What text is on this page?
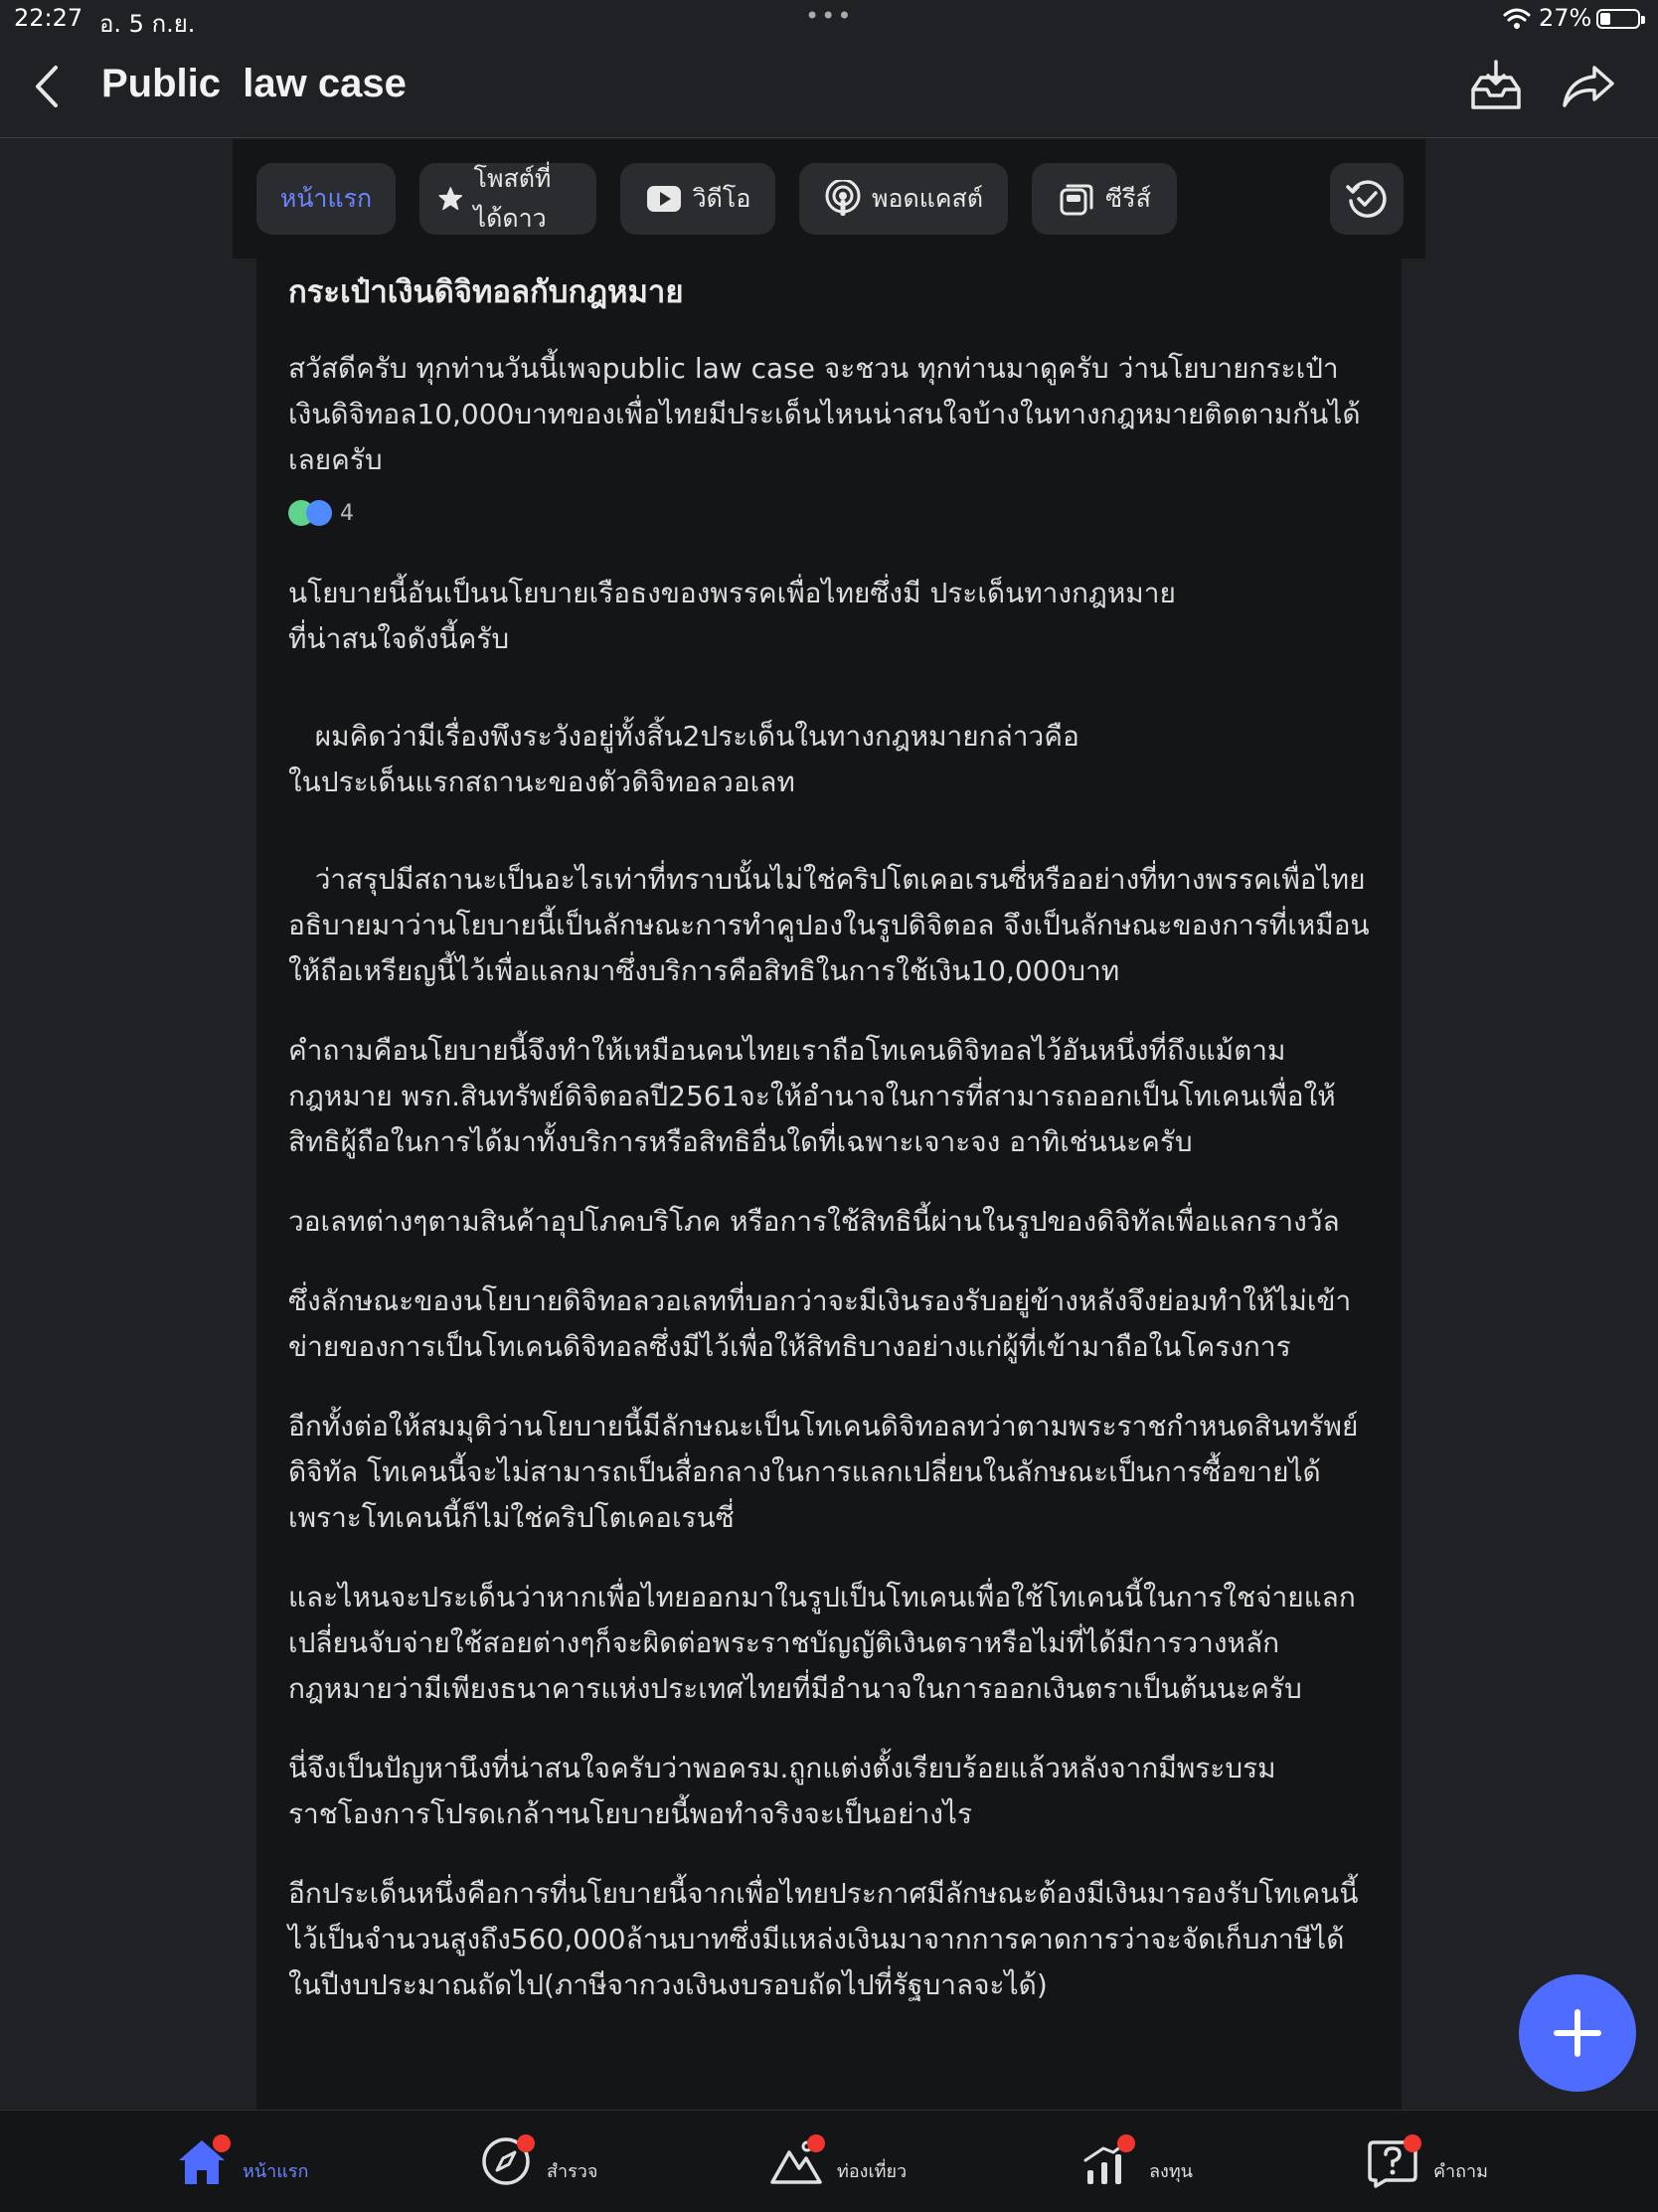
22:27 อ. 5 ก.ย.	•••	27%
Public  law case
หน้าแรก
โพสต์ที่ได้ดาว
วิดีโอ	พอดแคสต์	ซีรีส์
กระเป๋าเงินดิจิทอลกับกฎหมาย

สวัสดีครับ ทุกท่านวันนี้เพจpublic law case จะชวน ทุกท่านมาดูครับ ว่านโยบายกระเป๋าเงินดิจิทอล10,000บาทของเพื่อไทยมีประเด็นไหนน่าสนใจบ้างในทางกฎหมายติดตามกันได้เลยครับ

4

นโยบายนี้อันเป็นนโยบายเรือธงของพรรคเพื่อไทยซึ่งมี ประเด็นทางกฎหมาย
ที่น่าสนใจดังนี้ครับ

ผมคิดว่ามีเรื่องพึงระวังอยู่ทั้งสิ้น2ประเด็นในทางกฎหมายกล่าวคือ
ในประเด็นแรกสถานะของตัวดิจิทอลวอเลท

ว่าสรุปมีสถานะเป็นอะไรเท่าที่ทราบนั้นไม่ใช่คริปโตเคอเรนซี่หรืออย่างที่ทางพรรคเพื่อไทยอธิบายมาว่านโยบายนี้เป็นลักษณะการทำคูปองในรูปดิจิตอล จึงเป็นลักษณะของการที่เหมือนให้ถือเหรียญนี้ไว้เพื่อแลกมาซึ่งบริการคือสิทธิในการใช้เงิน10,000บาท

คำถามคือนโยบายนี้จึงทำให้เหมือนคนไทยเราถือโทเคนดิจิทอลไว้อันหนึ่งที่ถึงแม้ตามกฎหมาย พรก.สินทรัพย์ดิจิตอลปี2561จะให้อำนาจในการที่สามารถออกเป็นโทเคนเพื่อให้สิทธิผู้ถือในการได้มาทั้งบริการหรือสิทธิอื่นใดที่เฉพาะเจาะจง อาทิเช่นนะครับ

วอเลทต่างๆตามสินค้าอุปโภคบริโภค หรือการใช้สิทธินี้ผ่านในรูปของดิจิทัลเพื่อแลกรางวัล

ซึ่งลักษณะของนโยบายดิจิทอลวอเลทที่บอกว่าจะมีเงินรองรับอยู่ข้างหลังจึงย่อมทำให้ไม่เข้าข่ายของการเป็นโทเคนดิจิทอลซึ่งมีไว้เพื่อให้สิทธิบางอย่างแก่ผู้ที่เข้ามาถือในโครงการ

อีกทั้งต่อให้สมมุติว่านโยบายนี้มีลักษณะเป็นโทเคนดิจิทอลทว่าตามพระราชกำหนดสินทรัพย์ดิจิทัล โทเคนนี้จะไม่สามารถเป็นสื่อกลางในการแลกเปลี่ยนในลักษณะเป็นการซื้อขายได้เพราะโทเคนนี้ก็ไม่ใช่คริปโตเคอเรนซี่

และไหนจะประเด็นว่าหากเพื่อไทยออกมาในรูปเป็นโทเคนเพื่อใช้โทเคนนี้ในการใชจ่ายแลกเปลี่ยนจับจ่ายใช้สอยต่างๆก็จะผิดต่อพระราชบัญญัติเงินตราหรือไม่ที่ได้มีการวางหลักกฎหมายว่ามีเพียงธนาคารแห่งประเทศไทยที่มีอำนาจในการออกเงินตราเป็นต้นนะครับ

นี่จึงเป็นปัญหานึงที่น่าสนใจครับว่าพอครม.ถูกแต่งตั้งเรียบร้อยแล้วหลังจากมีพระบรมราชโองการโปรดเกล้าฯนโยบายนี้พอทำจริงจะเป็นอย่างไร

อีกประเด็นหนึ่งคือการที่นโยบายนี้จากเพื่อไทยประกาศมีลักษณะต้องมีเงินมารองรับโทเคนนี้ไว้เป็นจำนวนสูงถึง560,000ล้านบาทซึ่งมีแหล่งเงินมาจากการคาดการว่าจะจัดเก็บภาษีได้ในปีงบประมาณถัดไป(ภาษีจากวงเงินงบรอบถัดไปที่รัฐบาลจะได้)

หน้าแรก	สำรวจ	ท่องเที่ยว	ลงทุน	คำถาม
